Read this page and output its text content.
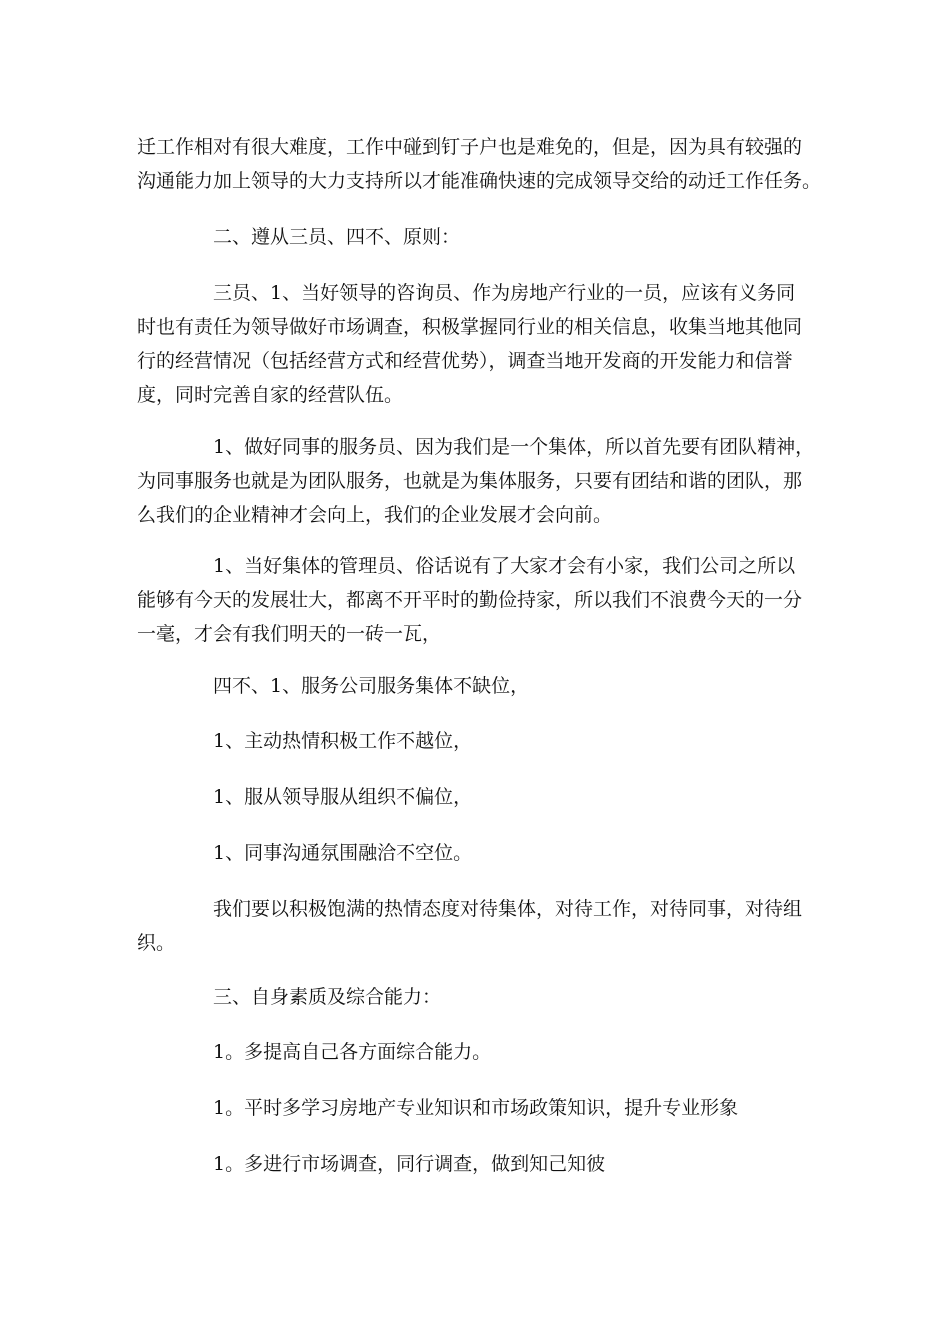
迁工作相对有很大难度，工作中碰到钉子户也是难免的，但是，因为具有较强的
沟通能力加上领导的大力支持所以才能准确快速的完成领导交给的动迁工作任务。
二、遵从三员、四不、原则：
三员、1、当好领导的咨询员、作为房地产行业的一员，应该有义务同
时也有责任为领导做好市场调查，积极掌握同行业的相关信息，收集当地其他同
行的经营情况（包括经营方式和经营优势），调查当地开发商的开发能力和信誉
度，同时完善自家的经营队伍。
1、做好同事的服务员、因为我们是一个集体，所以首先要有团队精神，
为同事服务也就是为团队服务，也就是为集体服务，只要有团结和谐的团队，那
么我们的企业精神才会向上，我们的企业发展才会向前。
1、当好集体的管理员、俗话说有了大家才会有小家，我们公司之所以
能够有今天的发展壮大，都离不开平时的勤俭持家，所以我们不浪费今天的一分
一毫，才会有我们明天的一砖一瓦，
四不、1、服务公司服务集体不缺位，
1、主动热情积极工作不越位，
1、服从领导服从组织不偏位，
1、同事沟通氛围融洽不空位。
我们要以积极饱满的热情态度对待集体，对待工作，对待同事，对待组
织。
三、自身素质及综合能力：
1。多提高自己各方面综合能力。
1。平时多学习房地产专业知识和市场政策知识，提升专业形象
1。多进行市场调查，同行调查，做到知己知彼
